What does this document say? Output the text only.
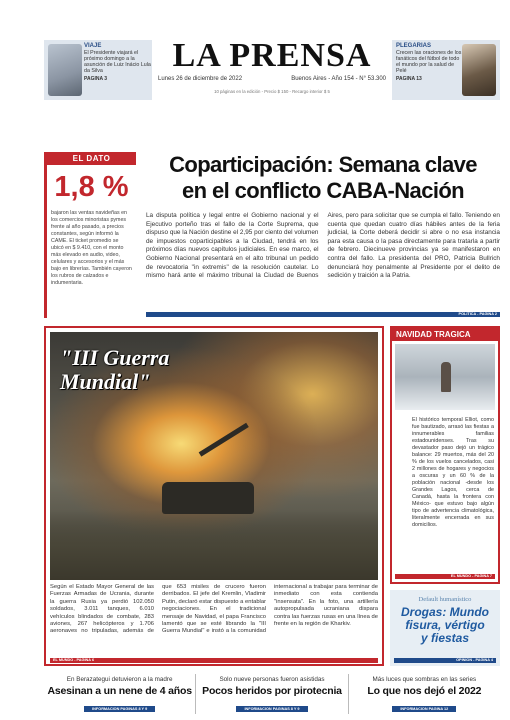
VIAJE
El Presidente viajará el próximo domingo a la asunción de Luiz Inácio Lula da Silva
PAGINA 3
LA PRENSA
Lunes 26 de diciembre de 2022	Buenos Aires - Año 154 - N° 53.300
10 páginas en la edición - Precio $ 150 - Recargo interior $ 5
PLEGARIAS
Crecen las oraciones de los fanáticos del fútbol de todo el mundo por la salud de Pelé
PAGINA 13
EL DATO
1,8 %
bajaron las ventas navideñas en los comercios minoristas pymes frente al año pasado, a precios constantes, según informó la CAME. El ticket promedio se ubicó en $ 9.410, con el monto más elevado en audio, video, celulares y accesorios y el más bajo en librerías. También cayeron los rubros de calzados e indumentaria.
Coparticipación: Semana clave
en el conflicto CABA-Nación
La disputa política y legal entre el Gobierno nacional y el Ejecutivo porteño tras el fallo de la Corte Suprema, que dispuso que la Nación destine el 2,95 por ciento del volumen de impuestos coparticipables a la Ciudad, tendrá en los próximos días nuevos capítulos judiciales. En ese marco, el Gobierno Nacional presentará en el alto tribunal un pedido de revocatoria "in extremis" de la resolución cautelar. Lo mismo hará ante el máximo tribunal la Ciudad de Buenos Aires, pero para solicitar que se cumpla el fallo. Teniendo en cuenta que quedan cuatro días hábiles antes de la feria judicial, la Corte deberá decidir si abre o no esa instancia para esta causa o la pasa directamente para tratarla a partir de febrero. Diecinueve provincias ya se manifestaron en contra del fallo. La presidenta del PRO, Patricia Bullrich denunciará hoy penalmente al Presidente por el delito de sedición y traición a la Patria.
POLITICA - PAGINA 2
"III Guerra
Mundial"
Según el Estado Mayor General de las Fuerzas Armadas de Ucrania, durante la guerra Rusia ya perdió 102.050 soldados, 3.011 tanques, 6.010 vehículos blindados de combate, 283 aviones, 267 helicópteros y 1.706 aeronaves no tripuladas, además de que 653 misiles de crucero fueron derribados. El jefe del Kremlin, Vladimir Putin, declaró estar dispuesto a entablar negociaciones. En el tradicional mensaje de Navidad, el papa Francisco lamentó que se esté librando la "III Guerra Mundial" e instó a la comunidad internacional a trabajar para terminar de inmediato con esta contienda "insensata". En la foto, una artillería autopropulsada ucraniana dispara contra las fuerzas rusas en una línea de frente en la región de Kharkiv.
EL MUNDO - PAGINA 6
NAVIDAD TRAGICA
El histórico temporal Elliot, como fue bautizado, arrasó las fiestas a innumerables familias estadounidenses. Tras su devastador paso dejó un trágico balance: 29 muertos, más del 20 % de los vuelos cancelados, casi 2 millones de hogares y negocios a oscuras y un 60 % de la población nacional -desde los Grandes Lagos, cerca de Canadá, hasta la frontera con México- que estuvo bajo algún tipo de advertencia climatológica, literalmente encerrada en sus domicilios.
EL MUNDO - PAGINA 7
Default humanístico
Drogas: Mundo
fisura, vértigo
y fiestas
OPINION - PAGINA 4
En Berazategui detuvieron a la madre
Asesinan a un nene de 4 años
INFORMACION PAGINAS 8 Y 9
Solo nueve personas fueron asistidas
Pocos heridos por pirotecnia
INFORMACION PAGINAS 8 Y 9
Más luces que sombras en las series
Lo que nos dejó el 2022
INFORMACION PAGINA 12
